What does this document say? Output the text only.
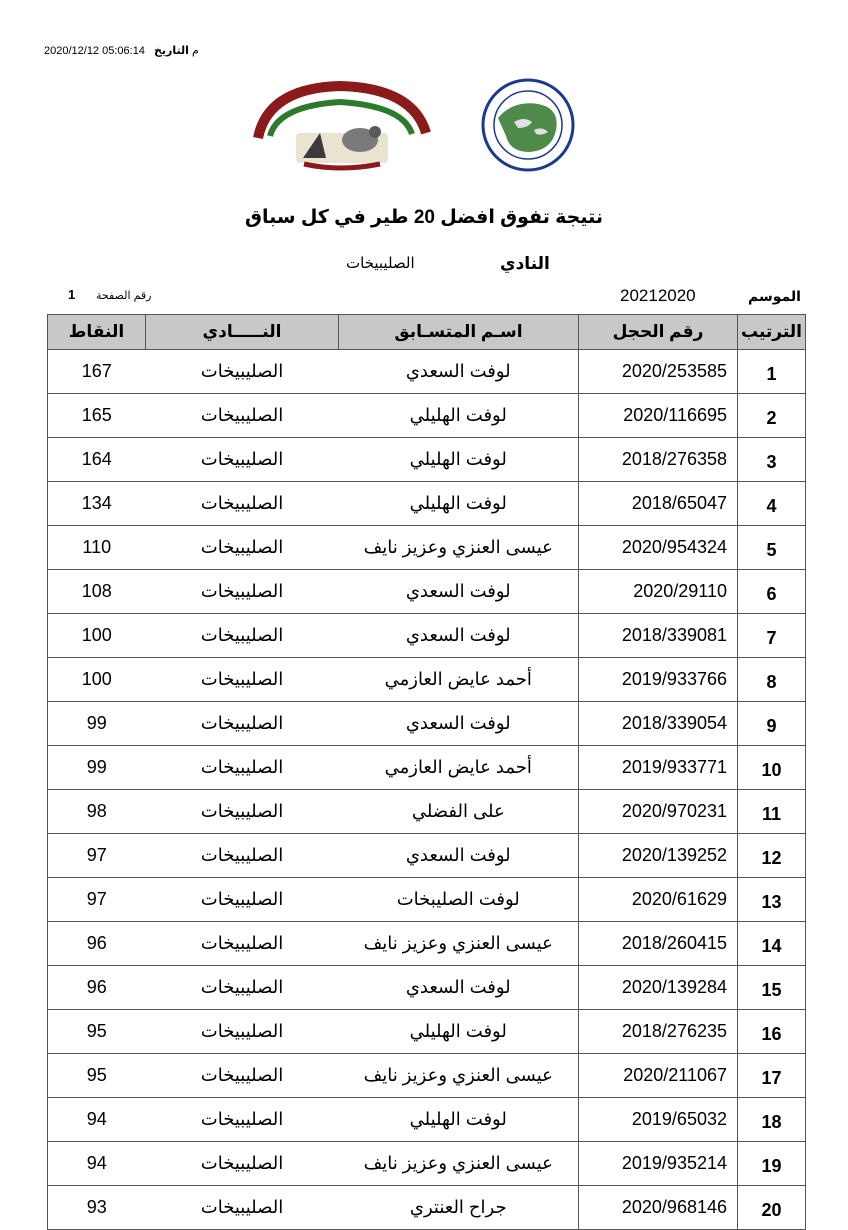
2020/12/12 05:06:14 م التاريخ
نتيجة تفوق افضل 20 طير في كل سباق
النادي
الصليبيخات
الموسم
20212020
رقم الصفحة
1
الترتيب	رقم الحجل	اسـم المتسـابق	النـــــادي	النقاط
1	2020/253585	لوفت السعدي	الصليبيخات	167
2	2020/116695	لوفت الهليلي	الصليبيخات	165
3	2018/276358	لوفت الهليلي	الصليبيخات	164
4	2018/65047	لوفت الهليلي	الصليبيخات	134
5	2020/954324	عيسى العنزي وعزيز نايف	الصليبيخات	110
6	2020/29110	لوفت السعدي	الصليبيخات	108
7	2018/339081	لوفت السعدي	الصليبيخات	100
8	2019/933766	أحمد عايض العازمي	الصليبيخات	100
9	2018/339054	لوفت السعدي	الصليبيخات	99
10	2019/933771	أحمد عايض العازمي	الصليبيخات	99
11	2020/970231	على الفضلي	الصليبيخات	98
12	2020/139252	لوفت السعدي	الصليبيخات	97
13	2020/61629	لوفت الصليبخات	الصليبيخات	97
14	2018/260415	عيسى العنزي وعزيز نايف	الصليبيخات	96
15	2020/139284	لوفت السعدي	الصليبيخات	96
16	2018/276235	لوفت الهليلي	الصليبيخات	95
17	2020/211067	عيسى العنزي وعزيز نايف	الصليبيخات	95
18	2019/65032	لوفت الهليلي	الصليبيخات	94
19	2019/935214	عيسى العنزي وعزيز نايف	الصليبيخات	94
20	2020/968146	جراح العنتري	الصليبيخات	93
